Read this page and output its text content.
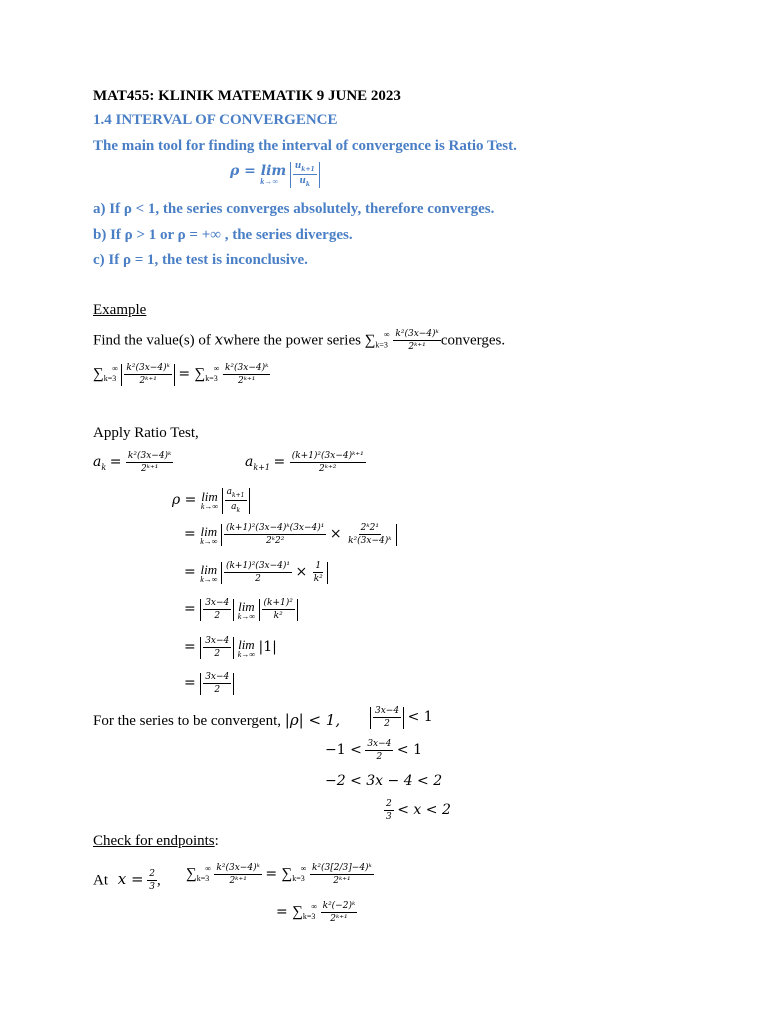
MAT455: KLINIK MATEMATIK 9 JUNE 2023
1.4 INTERVAL OF CONVERGENCE
The main tool for finding the interval of convergence is Ratio Test.
ρ = lim
k→∞
$\frac{u_{k+1}}{u_k}$
a) If ρ < 1, the series converges absolutely, therefore converges.
b) If ρ > 1 or ρ = +∞ , the series diverges.
c) If ρ = 1, the test is inconclusive.
Example
Find the value(s) of xwhere the power series $\sum_{k=3}^\infty \frac{\text{k²(3x−4)ᵏ}}{\text{2ᵏ⁺¹}}$ converges.
$\sum_{k=3}^\infty \frac{\text{k²(3x−4)ᵏ}}{\text{2ᵏ⁺¹}} = \sum_{k=3}^\infty \frac{\text{k²(3x−4)ᵏ}}{\text{2ᵏ⁺¹}}$
Apply Ratio Test,
$a_k = \frac{\text{k²(3x−4)ᵏ}}{\text{2ᵏ⁺¹}}$	$a_{k+1} = \frac{\text{(k+1)²(3x−4)ᵏ⁺¹}}{\text{2ᵏ⁺²}}$
ρ = lim
k→∞
$\frac{a_{k+1}}{a_k}$
= lim
k→∞
$\frac{\text{(k+1)²(3x−4)ᵏ(3x−4)¹}}{\text{2ᵏ2²}} \times \frac{\text{2ᵏ2¹}}{\text{k²(3x−4)ᵏ}}$
= lim
k→∞
$\frac{\text{(k+1)²(3x−4)¹}}{2} \times \frac{1}{\text{k²}}$
= $\frac{3x-4}{2}$
lim
k→∞
$\frac{\text{(k+1)²}}{\text{k²}}$
= $\frac{3x-4}{2}$
lim
k→∞ |1|
= $\frac{3x-4}{2}$
For the series to be convergent, |ρ| < 1,	$\frac{3x-4}{2} < 1$
$-1 < \frac{3x-4}{2} < 1$
−2 < 3x − 4 < 2
$\frac{2}{3} < x < 2$
Check for endpoints:
At $x = \frac{2}{3}$ , $\sum_{k=3}^\infty \frac{\text{k²(3x−4)ᵏ}}{\text{2ᵏ⁺¹}} = \sum_{k=3}^\infty \frac{\text{k²(3[2/3]−4)ᵏ}}{\text{2ᵏ⁺¹}}$
= $\sum_{k=3}^\infty \frac{\text{k²(−2)ᵏ}}{\text{2ᵏ⁺¹}}$
